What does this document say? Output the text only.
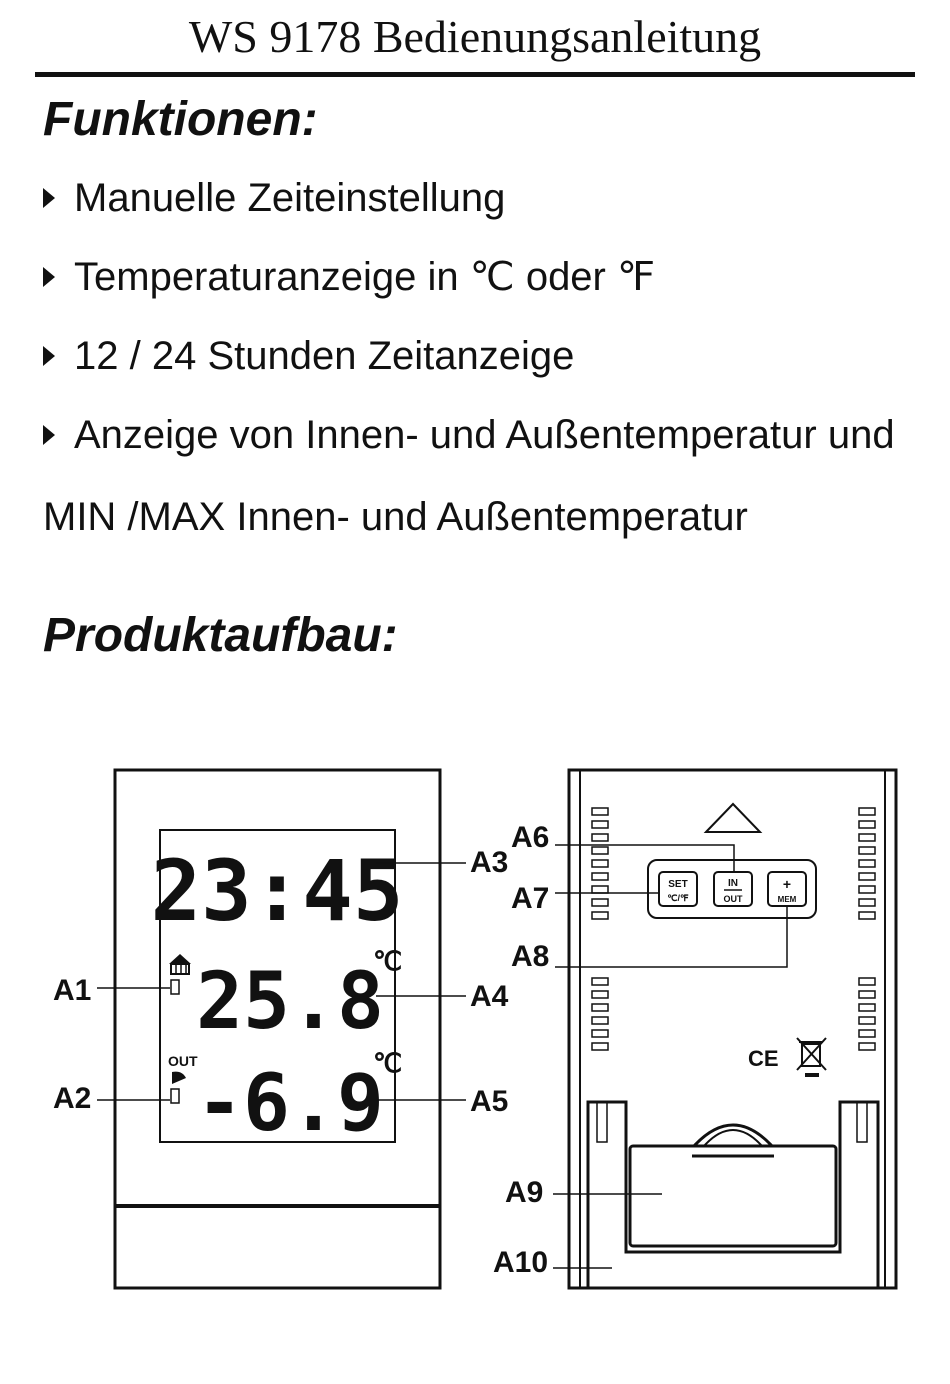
WS 9178 Bedienungsanleitung
Funktionen:
Manuelle Zeiteinstellung
Temperaturanzeige in ℃ oder ℉
12 / 24 Stunden Zeitanzeige
Anzeige von Innen- und Außentemperatur und
MIN /MAX Innen- und Außentemperatur
Produktaufbau:
23:45
25.8
-6.9
℃
℃
OUT
A1
A2
A3
A4
A5
SET
℃/℉
IN
OUT
+
MEM
A6
A7
A8
A9
A10
CE
